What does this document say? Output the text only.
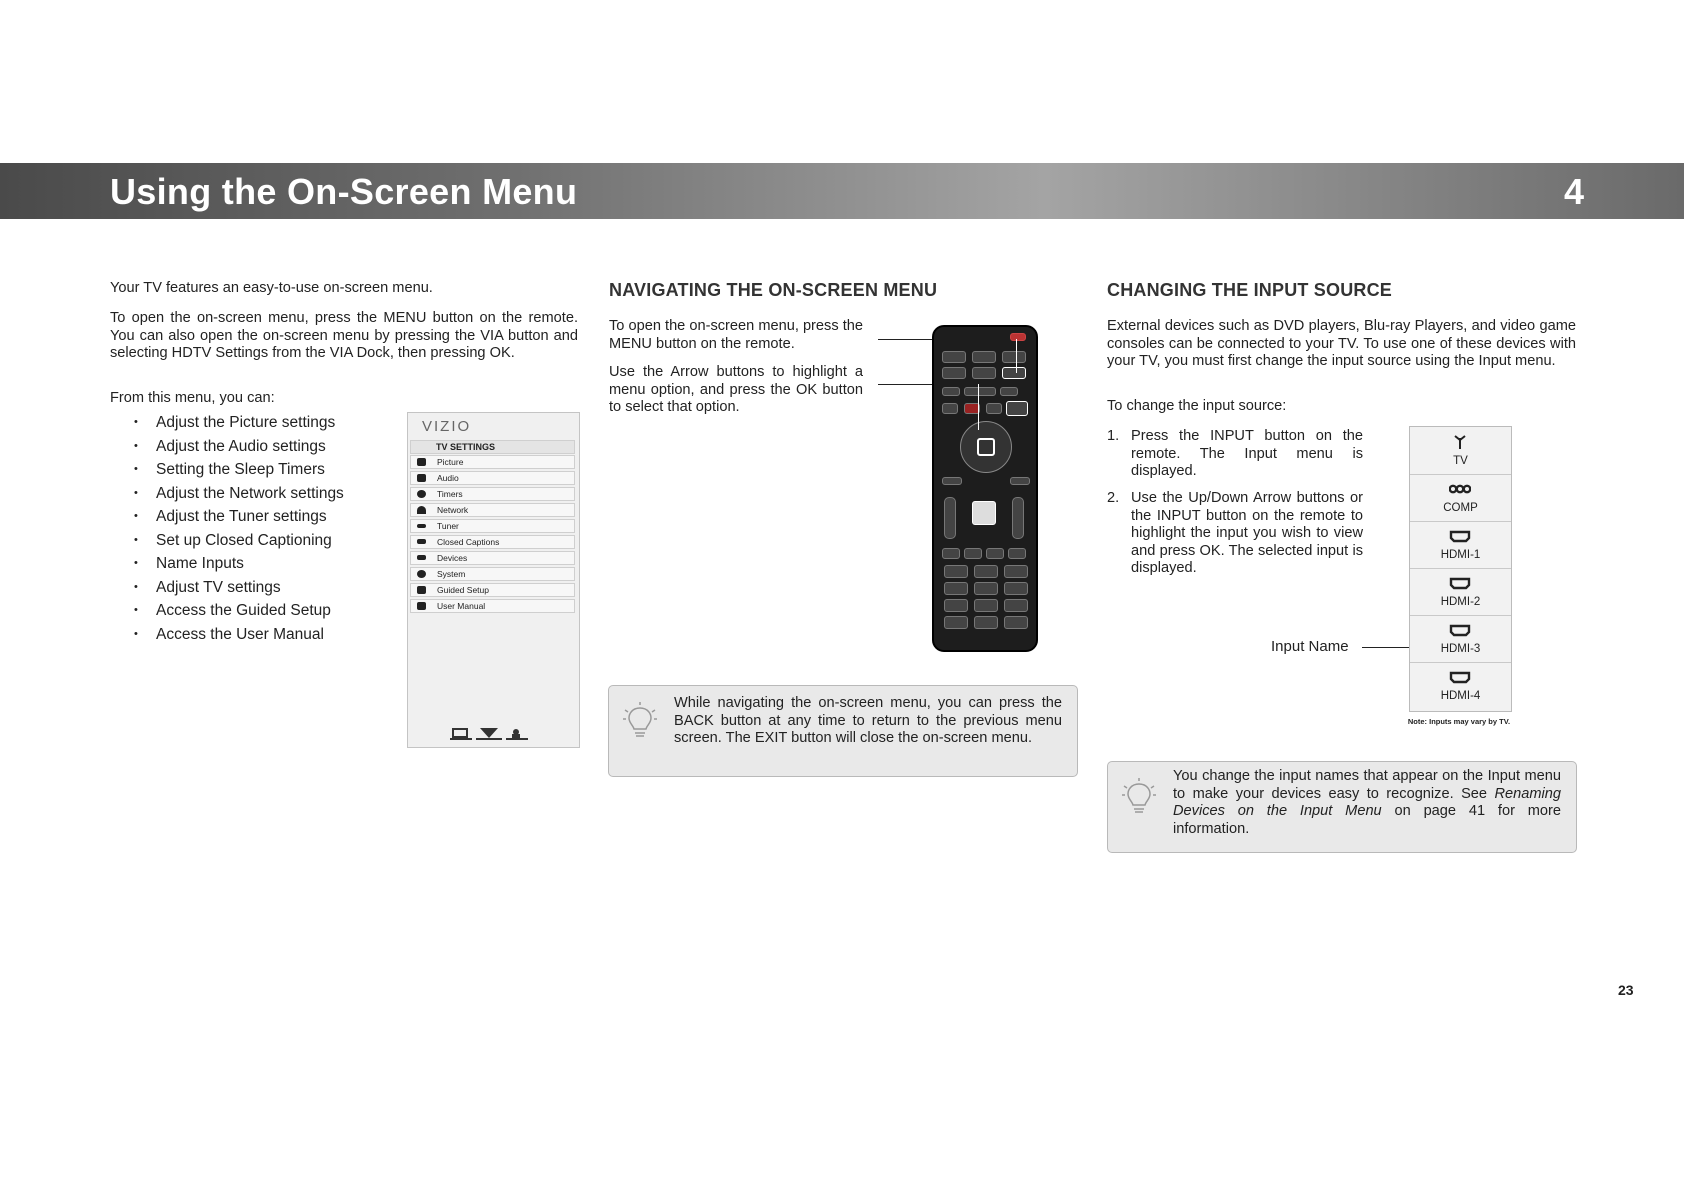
Using the On-Screen Menu	4

Your TV features an easy-to-use on-screen menu.

To open the on-screen menu, press the MENU button on the remote. You can also open the on-screen menu by pressing the VIA button and selecting HDTV Settings from the VIA Dock, then pressing OK.

From this menu, you can:

• Adjust the Picture settings
• Adjust the Audio settings
• Setting the Sleep Timers
• Adjust the Network settings
• Adjust the Tuner settings
• Set up Closed Captioning
• Name Inputs
• Adjust TV settings
• Access the Guided Setup
• Access the User Manual
VIZIO
TV SETTINGS
Picture
Audio
Timers
Network
Tuner
Closed Captions
Devices
System
Guided Setup
User Manual
NAVIGATING THE ON-SCREEN MENU

To open the on-screen menu, press the MENU button on the remote.

Use the Arrow buttons to highlight a menu option, and press the OK button to select that option.

While navigating the on-screen menu, you can press the BACK button at any time to return to the previous menu screen. The EXIT button will close the on-screen menu.

CHANGING THE INPUT SOURCE

External devices such as DVD players, Blu-ray Players, and video game consoles can be connected to your TV. To use one of these devices with your TV, you must first change the input source using the Input menu.

To change the input source:

1. Press the INPUT button on the remote. The Input menu is displayed.

2. Use the Up/Down Arrow buttons or the INPUT button on the remote to highlight the input you wish to view and press OK. The selected input is displayed.

Input Name
TV
COMP
HDMI-1
HDMI-2
HDMI-3
HDMI-4
Note: Inputs may vary by TV.

You change the input names that appear on the Input menu to make your devices easy to recognize. See Renaming Devices on the Input Menu on page 41 for more information.

23
